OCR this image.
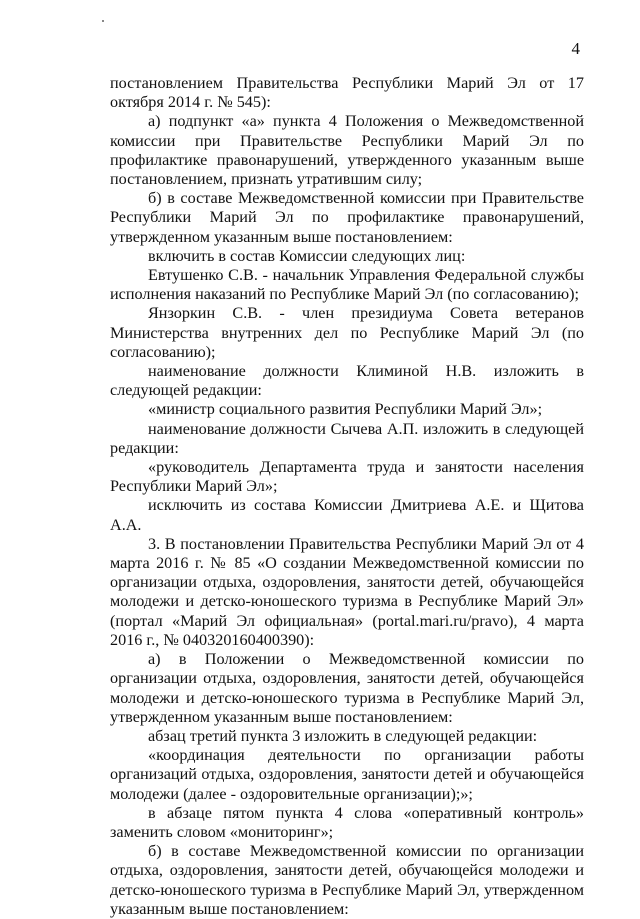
4

постановлением Правительства Республики Марий Эл от 17 октября 2014 г. № 545):

а) подпункт «а» пункта 4 Положения о Межведомственной комиссии при Правительстве Республики Марий Эл по профилактике правонарушений, утвержденного указанным выше постановлением, признать утратившим силу;

б) в составе Межведомственной комиссии при Правительстве Республики Марий Эл по профилактике правонарушений, утвержденном указанным выше постановлением:

включить в состав Комиссии следующих лиц:

Евтушенко С.В. - начальник Управления Федеральной службы исполнения наказаний по Республике Марий Эл (по согласованию);

Янзоркин С.В. - член президиума Совета ветеранов Министерства внутренних дел по Республике Марий Эл (по согласованию);

наименование должности Климиной Н.В. изложить в следующей редакции:

«министр социального развития Республики Марий Эл»;

наименование должности Сычева А.П. изложить в следующей редакции:

«руководитель Департамента труда и занятости населения Республики Марий Эл»;

исключить из состава Комиссии Дмитриева А.Е. и Щитова А.А.

3. В постановлении Правительства Республики Марий Эл от 4 марта 2016 г. № 85 «О создании Межведомственной комиссии по организации отдыха, оздоровления, занятости детей, обучающейся молодежи и детско-юношеского туризма в Республике Марий Эл» (портал «Марий Эл официальная» (portal.mari.ru/pravo), 4 марта 2016 г., № 040320160400390):

а) в Положении о Межведомственной комиссии по организации отдыха, оздоровления, занятости детей, обучающейся молодежи и детско-юношеского туризма в Республике Марий Эл, утвержденном указанным выше постановлением:

абзац третий пункта 3 изложить в следующей редакции:

«координация деятельности по организации работы организаций отдыха, оздоровления, занятости детей и обучающейся молодежи (далее - оздоровительные организации);»;

в абзаце пятом пункта 4 слова «оперативный контроль» заменить словом «мониторинг»;

б) в составе Межведомственной комиссии по организации отдыха, оздоровления, занятости детей, обучающейся молодежи и детско-юношеского туризма в Республике Марий Эл, утвержденном указанным выше постановлением:
